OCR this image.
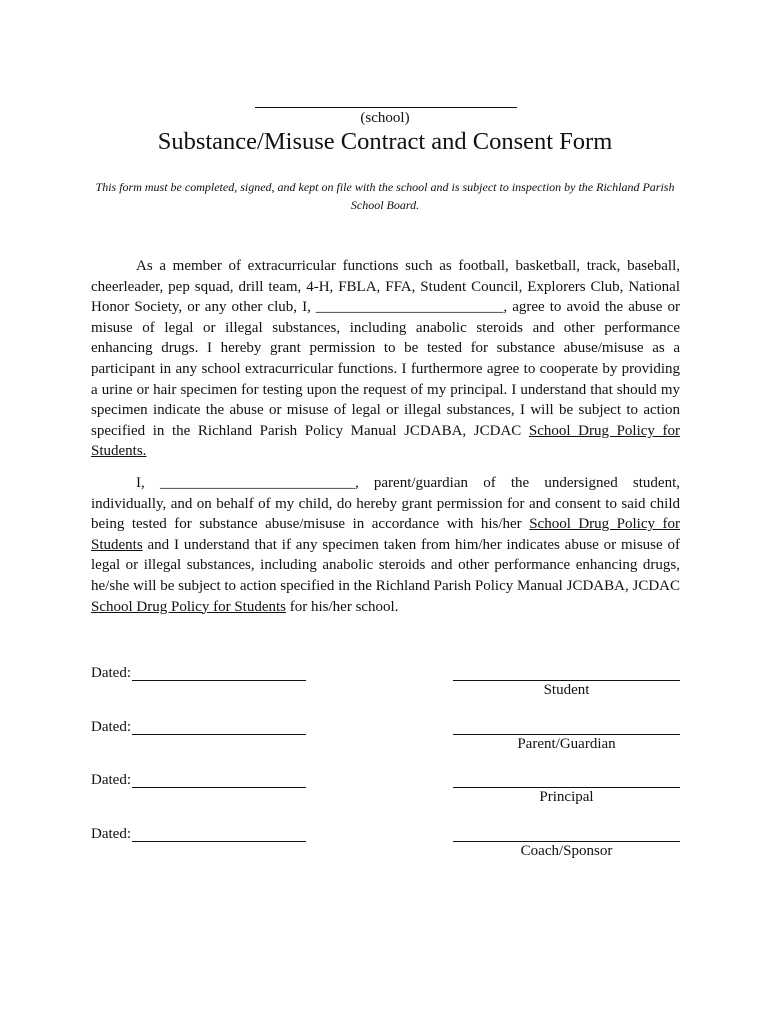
(school)
Substance/Misuse Contract and Consent Form
This form must be completed, signed, and kept on file with the school and is subject to inspection by the Richland Parish School Board.

As a member of extracurricular functions such as football, basketball, track, baseball, cheerleader, pep squad, drill team, 4-H, FBLA, FFA, Student Council, Explorers Club, National Honor Society, or any other club, I, _________________________, agree to avoid the abuse or misuse of legal or illegal substances, including anabolic steroids and other performance enhancing drugs. I hereby grant permission to be tested for substance abuse/misuse as a participant in any school extracurricular functions. I furthermore agree to cooperate by providing a urine or hair specimen for testing upon the request of my principal. I understand that should my specimen indicate the abuse or misuse of legal or illegal substances, I will be subject to action specified in the Richland Parish Policy Manual JCDABA, JCDAC School Drug Policy for Students.

I, __________________________, parent/guardian of the undersigned student, individually, and on behalf of my child, do hereby grant permission for and consent to said child being tested for substance abuse/misuse in accordance with his/her School Drug Policy for Students and I understand that if any specimen taken from him/her indicates abuse or misuse of legal or illegal substances, including anabolic steroids and other performance enhancing drugs, he/she will be subject to action specified in the Richland Parish Policy Manual JCDABA, JCDAC School Drug Policy for Students for his/her school.

Dated:
Student
Dated:
Parent/Guardian
Dated:
Principal
Dated:
Coach/Sponsor
